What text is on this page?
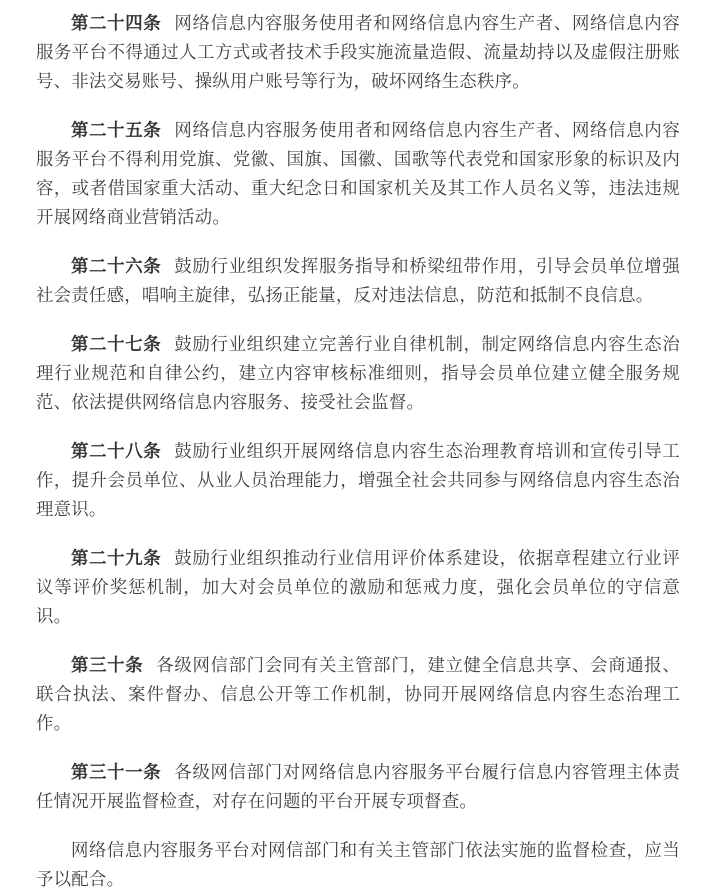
第二十四条 网络信息内容服务使用者和网络信息内容生产者、网络信息内容服务平台不得通过人工方式或者技术手段实施流量造假、流量劫持以及虚假注册账号、非法交易账号、操纵用户账号等行为，破坏网络生态秩序。

第二十五条 网络信息内容服务使用者和网络信息内容生产者、网络信息内容服务平台不得利用党旗、党徽、国旗、国徽、国歌等代表党和国家形象的标识及内容，或者借国家重大活动、重大纪念日和国家机关及其工作人员名义等，违法违规开展网络商业营销活动。

第二十六条 鼓励行业组织发挥服务指导和桥梁纽带作用，引导会员单位增强社会责任感，唱响主旋律，弘扬正能量，反对违法信息，防范和抵制不良信息。

第二十七条 鼓励行业组织建立完善行业自律机制，制定网络信息内容生态治理行业规范和自律公约，建立内容审核标准细则，指导会员单位建立健全服务规范、依法提供网络信息内容服务、接受社会监督。

第二十八条 鼓励行业组织开展网络信息内容生态治理教育培训和宣传引导工作，提升会员单位、从业人员治理能力，增强全社会共同参与网络信息内容生态治理意识。

第二十九条 鼓励行业组织推动行业信用评价体系建设，依据章程建立行业评议等评价奖惩机制，加大对会员单位的激励和惩戒力度，强化会员单位的守信意识。

第三十条 各级网信部门会同有关主管部门，建立健全信息共享、会商通报、联合执法、案件督办、信息公开等工作机制，协同开展网络信息内容生态治理工作。

第三十一条 各级网信部门对网络信息内容服务平台履行信息内容管理主体责任情况开展监督检查，对存在问题的平台开展专项督查。

网络信息内容服务平台对网信部门和有关主管部门依法实施的监督检查，应当予以配合。
